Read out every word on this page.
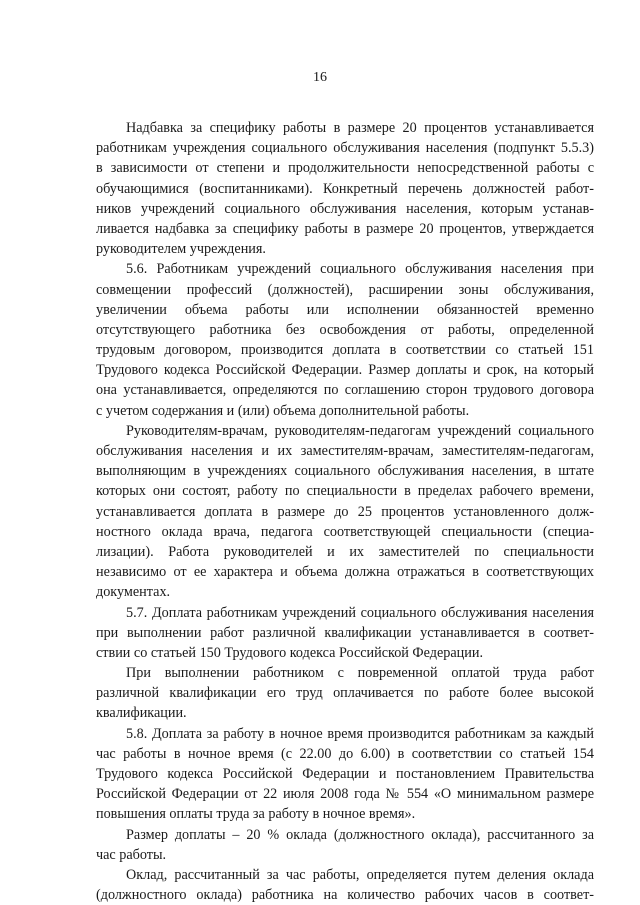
16
Надбавка за специфику работы в размере 20 процентов устанавливается
работникам учреждения социального обслуживания населения (подпункт 5.5.3)
в зависимости от степени и продолжительности непосредственной работы с
обучающимися (воспитанниками). Конкретный перечень должностей работ-
ников учреждений социального обслуживания населения, которым устанав-
ливается надбавка за специфику работы в размере 20 процентов, утверждается
руководителем учреждения.
5.6. Работникам учреждений социального обслуживания населения при
совмещении профессий (должностей), расширении зоны обслуживания,
увеличении объема работы или исполнении обязанностей временно
отсутствующего работника без освобождения от работы, определенной
трудовым договором, производится доплата в соответствии со статьей 151
Трудового кодекса Российской Федерации. Размер доплаты и срок, на который
она устанавливается, определяются по соглашению сторон трудового договора
с учетом содержания и (или) объема дополнительной работы.
Руководителям-врачам, руководителям-педагогам учреждений социального
обслуживания населения и их заместителям-врачам, заместителям-педагогам,
выполняющим в учреждениях социального обслуживания населения, в штате
которых они состоят, работу по специальности в пределах рабочего времени,
устанавливается доплата в размере до 25 процентов установленного долж-
ностного оклада врача, педагога соответствующей специальности (специа-
лизации). Работа руководителей и их заместителей по специальности
независимо от ее характера и объема должна отражаться в соответствующих
документах.
5.7. Доплата работникам учреждений социального обслуживания населения
при выполнении работ различной квалификации устанавливается в соответ-
ствии со статьей 150 Трудового кодекса Российской Федерации.
При выполнении работником с повременной оплатой труда работ
различной квалификации его труд оплачивается по работе более высокой
квалификации.
5.8. Доплата за работу в ночное время производится работникам за каждый
час работы в ночное время (с 22.00 до 6.00) в соответствии со статьей 154
Трудового кодекса Российской Федерации и постановлением Правительства
Российской Федерации от 22 июля 2008 года № 554 «О минимальном размере
повышения оплаты труда за работу в ночное время».
Размер доплаты – 20 % оклада (должностного оклада), рассчитанного за
час работы.
Оклад, рассчитанный за час работы, определяется путем деления оклада
(должностного оклада) работника на количество рабочих часов в соответ-
